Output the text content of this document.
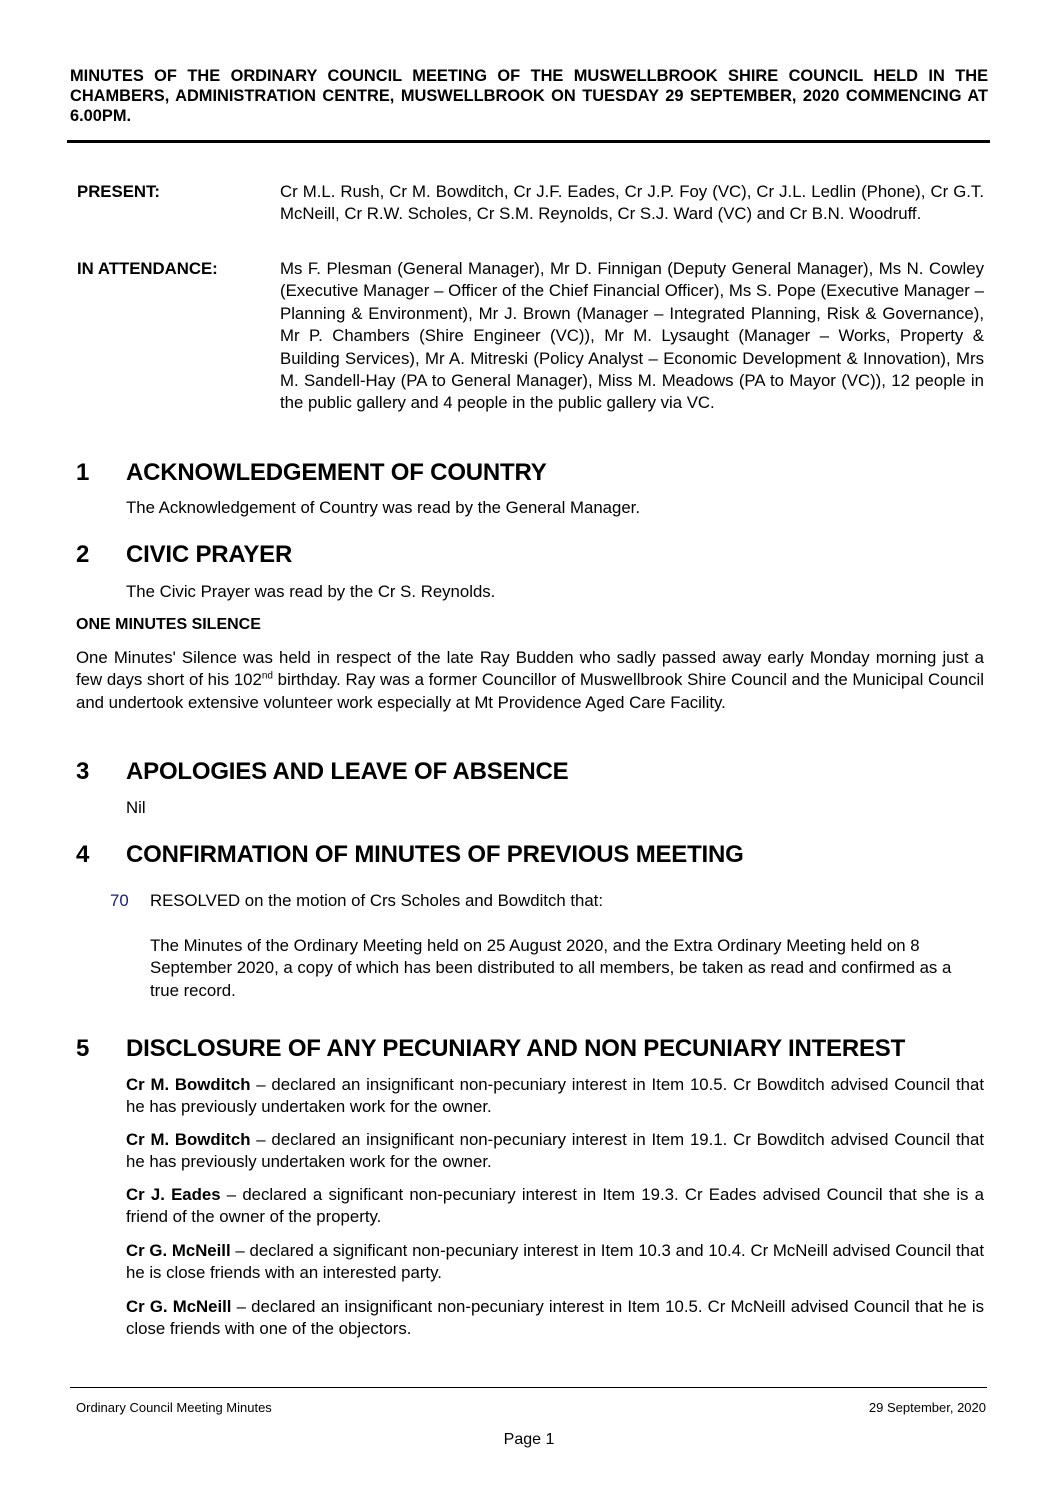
MINUTES OF THE ORDINARY COUNCIL MEETING OF THE MUSWELLBROOK SHIRE COUNCIL HELD IN THE CHAMBERS, ADMINISTRATION CENTRE, MUSWELLBROOK ON TUESDAY 29 SEPTEMBER, 2020 COMMENCING AT 6.00PM.
PRESENT:	Cr M.L. Rush, Cr M. Bowditch, Cr J.F. Eades, Cr J.P. Foy (VC), Cr J.L. Ledlin (Phone), Cr G.T. McNeill, Cr R.W. Scholes, Cr S.M. Reynolds, Cr S.J. Ward (VC) and Cr B.N. Woodruff.
IN ATTENDANCE:	Ms F. Plesman (General Manager), Mr D. Finnigan (Deputy General Manager), Ms N. Cowley (Executive Manager – Officer of the Chief Financial Officer), Ms S. Pope (Executive Manager – Planning & Environment), Mr J. Brown (Manager – Integrated Planning, Risk & Governance), Mr P. Chambers (Shire Engineer (VC)), Mr M. Lysaught (Manager – Works, Property & Building Services), Mr A. Mitreski (Policy Analyst – Economic Development & Innovation), Mrs M. Sandell-Hay (PA to General Manager), Miss M. Meadows (PA to Mayor (VC)), 12 people in the public gallery and 4 people in the public gallery via VC.
1 ACKNOWLEDGEMENT OF COUNTRY
The Acknowledgement of Country was read by the General Manager.
2 CIVIC PRAYER
The Civic Prayer was read by the Cr S. Reynolds.
ONE MINUTES SILENCE
One Minutes' Silence was held in respect of the late Ray Budden who sadly passed away early Monday morning just a few days short of his 102nd birthday. Ray was a former Councillor of Muswellbrook Shire Council and the Municipal Council and undertook extensive volunteer work especially at Mt Providence Aged Care Facility.
3 APOLOGIES AND LEAVE OF ABSENCE
Nil
4 CONFIRMATION OF MINUTES OF PREVIOUS MEETING
70 RESOLVED on the motion of Crs Scholes and Bowditch that:
The Minutes of the Ordinary Meeting held on 25 August 2020, and the Extra Ordinary Meeting held on 8 September 2020, a copy of which has been distributed to all members, be taken as read and confirmed as a true record.
5 DISCLOSURE OF ANY PECUNIARY AND NON PECUNIARY INTEREST
Cr M. Bowditch – declared an insignificant non-pecuniary interest in Item 10.5. Cr Bowditch advised Council that he has previously undertaken work for the owner.
Cr M. Bowditch – declared an insignificant non-pecuniary interest in Item 19.1. Cr Bowditch advised Council that he has previously undertaken work for the owner.
Cr J. Eades – declared a significant non-pecuniary interest in Item 19.3. Cr Eades advised Council that she is a friend of the owner of the property.
Cr G. McNeill – declared a significant non-pecuniary interest in Item 10.3 and 10.4. Cr McNeill advised Council that he is close friends with an interested party.
Cr G. McNeill – declared an insignificant non-pecuniary interest in Item 10.5. Cr McNeill advised Council that he is close friends with one of the objectors.
Ordinary Council Meeting Minutes	29 September, 2020
Page 1
